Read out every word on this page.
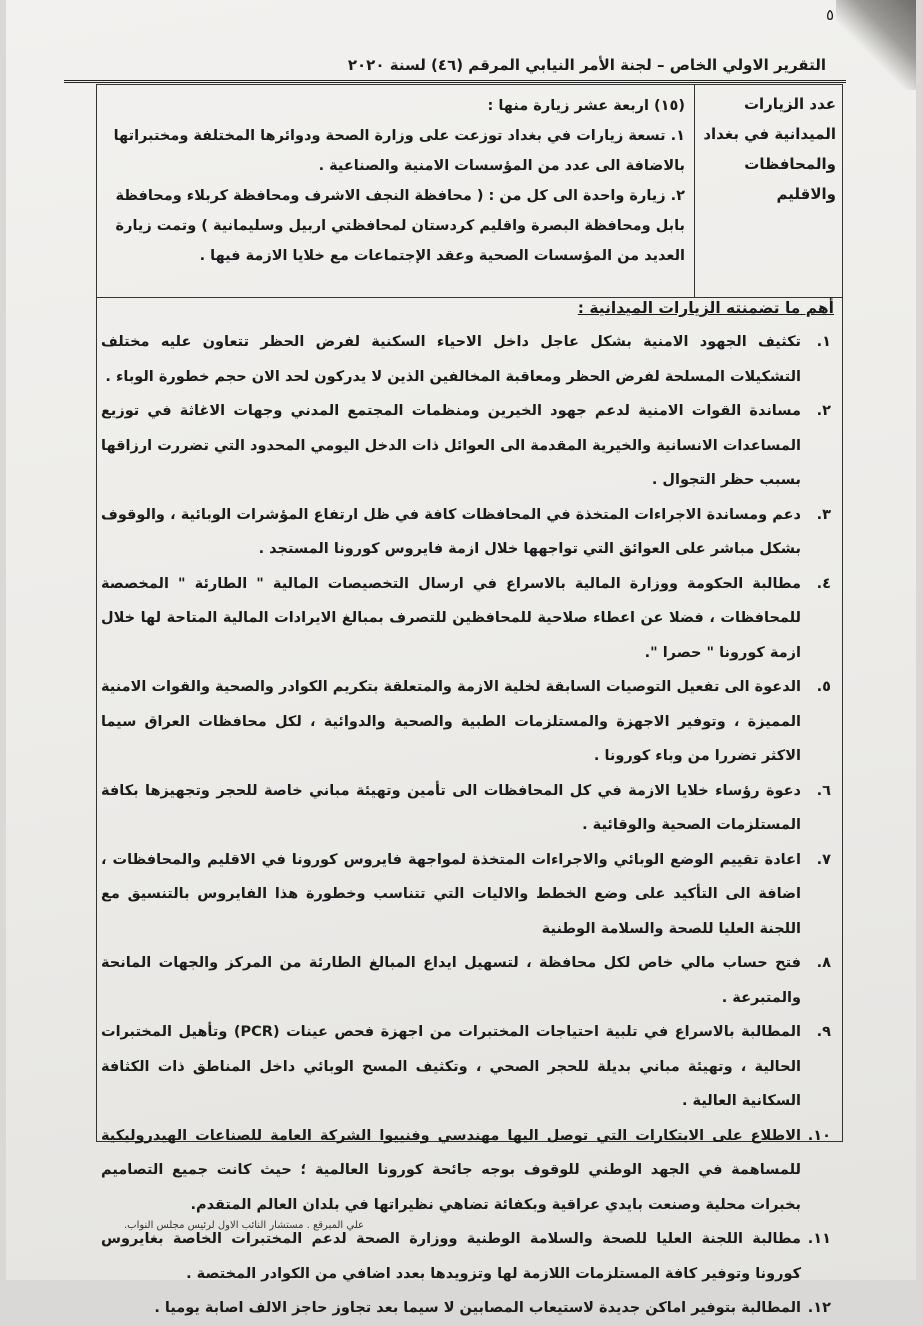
٥
التقرير الاولي الخاص – لجنة الأمر النيابي المرقم (٤٦) لسنة ٢٠٢٠
عدد الزيارات الميدانية في بغداد والمحافظات والاقليم

(١٥) اربعة عشر زيارة منها :

١. تسعة زيارات في بغداد توزعت على وزارة الصحة ودوائرها المختلفة ومختبراتها بالاضافة الى عدد من المؤسسات الامنية والصناعية .

٢. زيارة واحدة الى كل من : ( محافظة النجف الاشرف ومحافظة كربلاء ومحافظة بابل ومحافظة البصرة واقليم كردستان لمحافظتي اربيل وسليمانية ) وتمت زيارة العديد من المؤسسات الصحية وعقد الإجتماعات مع خلايا الازمة فيها .

أهم ما تضمنته الزيارات الميدانية :
١.
تكثيف الجهود الامنية بشكل عاجل داخل الاحياء السكنية لفرض الحظر تتعاون عليه مختلف التشكيلات المسلحة لفرض الحظر ومعاقبة المخالفين الذين لا يدركون لحد الان حجم خطورة الوباء .
٢.
مساندة القوات الامنية لدعم جهود الخيرين ومنظمات المجتمع المدني وجهات الاغاثة في توزيع المساعدات الانسانية والخيرية المقدمة الى العوائل ذات الدخل اليومي المحدود التي تضررت ارزاقها بسبب حظر التجوال .
٣.
دعم ومساندة الاجراءات المتخذة في المحافظات كافة في ظل ارتفاع المؤشرات الوبائية ، والوقوف بشكل مباشر على العوائق التي تواجهها خلال ازمة فايروس كورونا المستجد .
٤.
مطالبة الحكومة ووزارة المالية بالاسراع في ارسال التخصيصات المالية " الطارئة " المخصصة للمحافظات ، فضلا عن اعطاء صلاحية للمحافظين للتصرف بمبالغ الايرادات المالية المتاحة لها خلال ازمة كورونا " حصرا ".
٥.
الدعوة الى تفعيل التوصيات السابقة لخلية الازمة والمتعلقة بتكريم الكوادر والصحية والقوات الامنية المميزة ، وتوفير الاجهزة والمستلزمات الطبية والصحية والدوائية ، لكل محافظات العراق سيما الاكثر تضررا من وباء كورونا .
٦.
دعوة رؤساء خلايا الازمة في كل المحافظات الى تأمين وتهيئة مباني خاصة للحجر وتجهيزها بكافة المستلزمات الصحية والوقائية .
٧.
اعادة تقييم الوضع الوبائي والاجراءات المتخذة لمواجهة فايروس كورونا في الاقليم والمحافظات ، اضافة الى التأكيد على وضع الخطط والاليات التي تتناسب وخطورة هذا الفايروس بالتنسيق مع اللجنة العليا للصحة والسلامة الوطنية
٨.
فتح حساب مالي خاص لكل محافظة ، لتسهيل ايداع المبالغ الطارئة من المركز والجهات المانحة والمتبرعة .
٩.
المطالبة بالاسراع في تلبية احتياجات المختبرات من اجهزة فحص عينات (PCR) وتأهيل المختبرات الحالية ، وتهيئة مباني بديلة للحجر الصحي ، وتكثيف المسح الوبائي داخل المناطق ذات الكثافة السكانية العالية .
١٠.
الاطلاع على الابتكارات التي توصل اليها مهندسي وفنييوا الشركة العامة للصناعات الهيدروليكية للمساهمة في الجهد الوطني للوقوف بوجه جائحة كورونا العالمية ؛ حيث كانت جميع التصاميم بخبرات محلية وصنعت بايدي عراقية وبكفائة تضاهي نظيراتها في بلدان العالم المتقدم.
١١.
مطالبة اللجنة العليا للصحة والسلامة الوطنية ووزارة الصحة لدعم المختبرات الخاصة بغايروس كورونا وتوفير كافة المستلزمات اللازمة لها وتزويدها بعدد اضافي من الكوادر المختصة .
١٢.
المطالبة بتوفير اماكن جديدة لاستيعاب المصابين لا سيما بعد تجاوز حاجز الالف اصابة يوميا .
علي المبرقع . مستشار النائب الاول لرئيس مجلس النواب.
